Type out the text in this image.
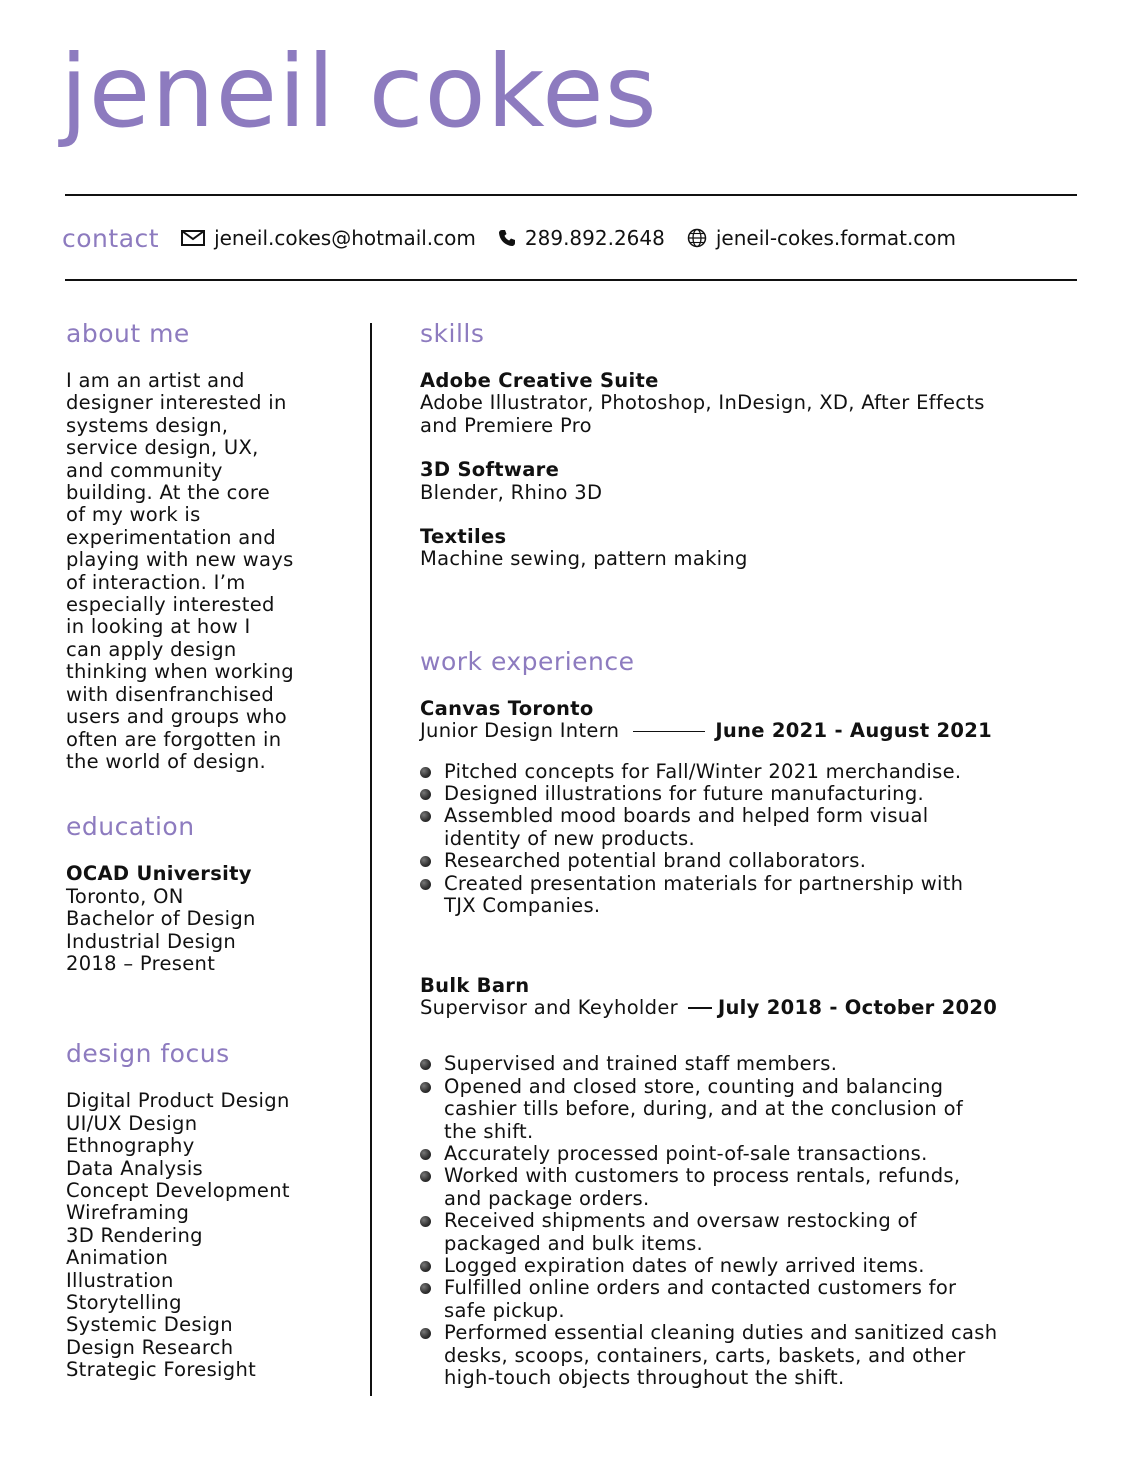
jeneil cokes
contact	jeneil.cokes@hotmail.com 289.892.2648	jeneil-cokes.format.com
about me
I am an artist and
designer interested in
systems design,
service design, UX,
and community
building. At the core
of my work is
experimentation and
playing with new ways
of interaction. I’m
especially interested
in looking at how I
can apply design
thinking when working
with disenfranchised
users and groups who
often are forgotten in
the world of design.
education
OCAD University
Toronto, ON
Bachelor of Design
Industrial Design
2018 – Present
design focus
Digital Product Design
UI/UX Design
Ethnography
Data Analysis
Concept Development
Wireframing
3D Rendering
Animation
Illustration
Storytelling
Systemic Design
Design Research
Strategic Foresight
skills
Adobe Creative Suite
Adobe Illustrator, Photoshop, InDesign, XD, After Effects
and Premiere Pro
3D Software
Blender, Rhino 3D
Textiles
Machine sewing, pattern making
work experience
Canvas Toronto
Junior Design Intern	June 2021 - August 2021
Pitched concepts for Fall/Winter 2021 merchandise.
Designed illustrations for future manufacturing.
Assembled mood boards and helped form visual
identity of new products.
Researched potential brand collaborators.
Created presentation materials for partnership with
TJX Companies.
Bulk Barn
Supervisor and Keyholder July 2018 - October 2020
Supervised and trained staff members.
Opened and closed store, counting and balancing
cashier tills before, during, and at the conclusion of
the shift.
Accurately processed point-of-sale transactions.
Worked with customers to process rentals, refunds,
and package orders.
Received shipments and oversaw restocking of
packaged and bulk items.
Logged expiration dates of newly arrived items.
Fulfilled online orders and contacted customers for
safe pickup.
Performed essential cleaning duties and sanitized cash
desks, scoops, containers, carts, baskets, and other
high-touch objects throughout the shift.
